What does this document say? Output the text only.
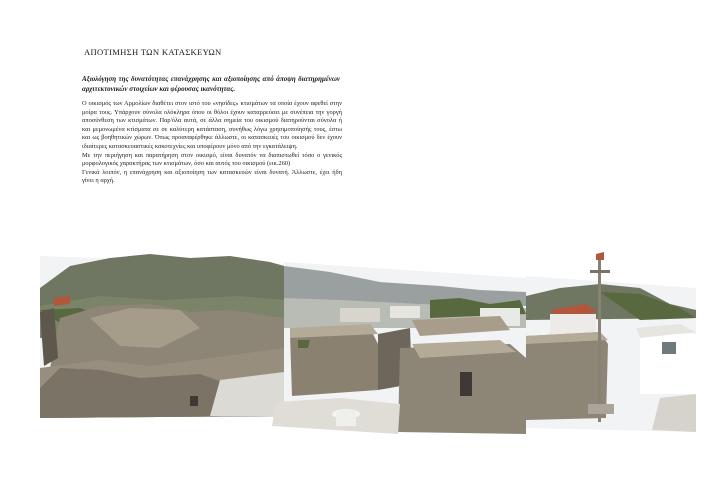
ΑΠΟΤΙΜΗΣΗ ΤΩΝ ΚΑΤΑΣΚΕΥΩΝ

Αξιολόγηση της δυνατότητας επανάχρησης και αξιοποίησης από άποψη διατηρημένων αρχιτεκτονικών στοιχείων και φέρουσας ικανότητας.

Ο οικισμός των Αρμολίων διαθέτει στον ιστό του «νησίδες» κτισμάτων τα οποία έχουν αφεθεί στην μοίρα τους. Υπάρχουν σύνολα ολόκληρα όπου οι θόλοι έχουν καταρρεύσει με συνέπεια την γοργή αποσύνθεση των κτισμάτων. Παρ'όλα αυτά, σε άλλα σημεία του οικισμού διατηρούνται σύνολα ή και μεμονωμένα κτίσματα σε σε καλύτερη κατάσταση, συνήθως λόγω χρησιμοποίησής τους, έστω και ως βοηθητικών χώρων. Όπως προαναφέρθηκε άλλωστε, οι κατασκευές του οικισμού δεν έχουν ιδιαίτερες κατασκευαστικές κακοτεχνίες και υποφέρουν μόνο από την εγκατάλειψη.

Με την περιήγηση και παρατήρηση στον οικισμό, είναι δυνατόν να διαπιστωθεί τόσο ο γενικός μορφολογικός χαρακτήρας των κτισμάτων, όσο και αυτός του οικισμού (εικ.260)

Γενικά λοιπόν, η επανάχρηση και αξιοποίηση των κατασκευών είναι δυνατή. Άλλωστε, έχει ήδη γίνει η αρχή.
